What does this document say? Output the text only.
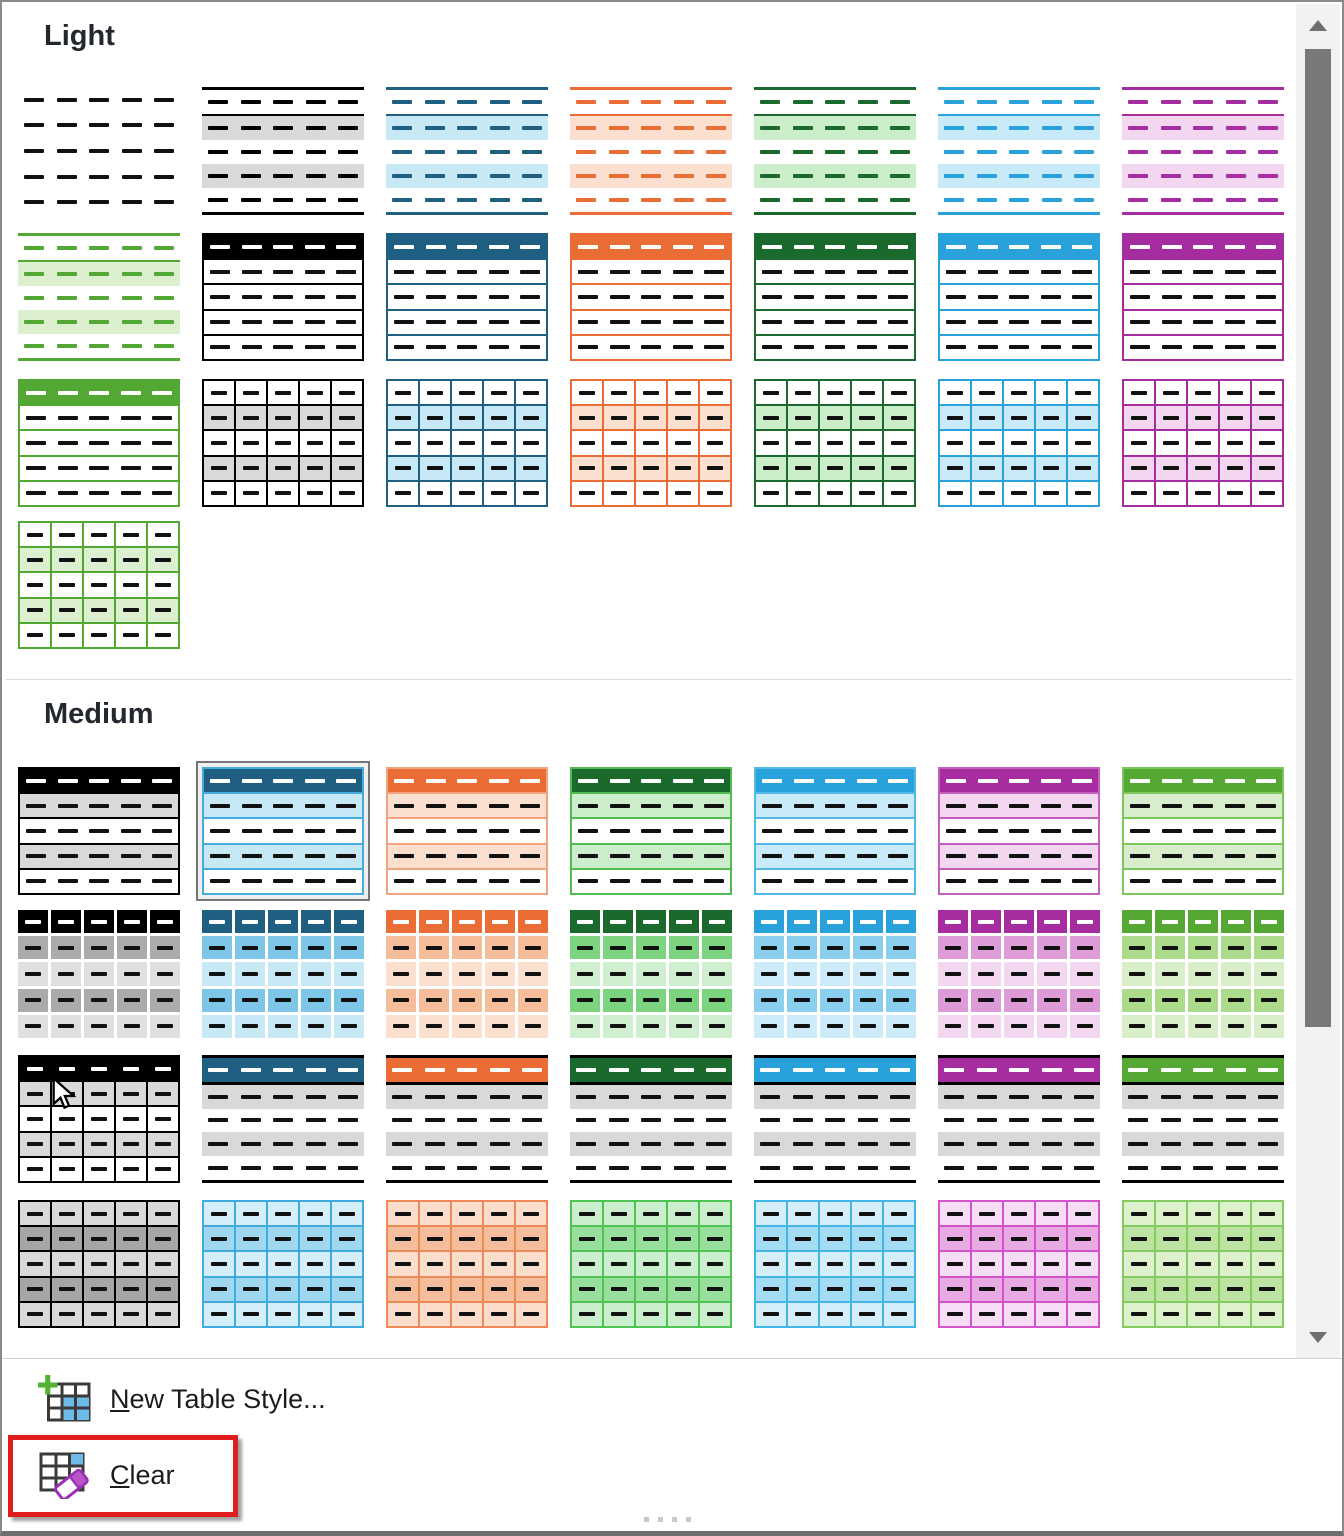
Light
Medium
New Table Style...
Clear
